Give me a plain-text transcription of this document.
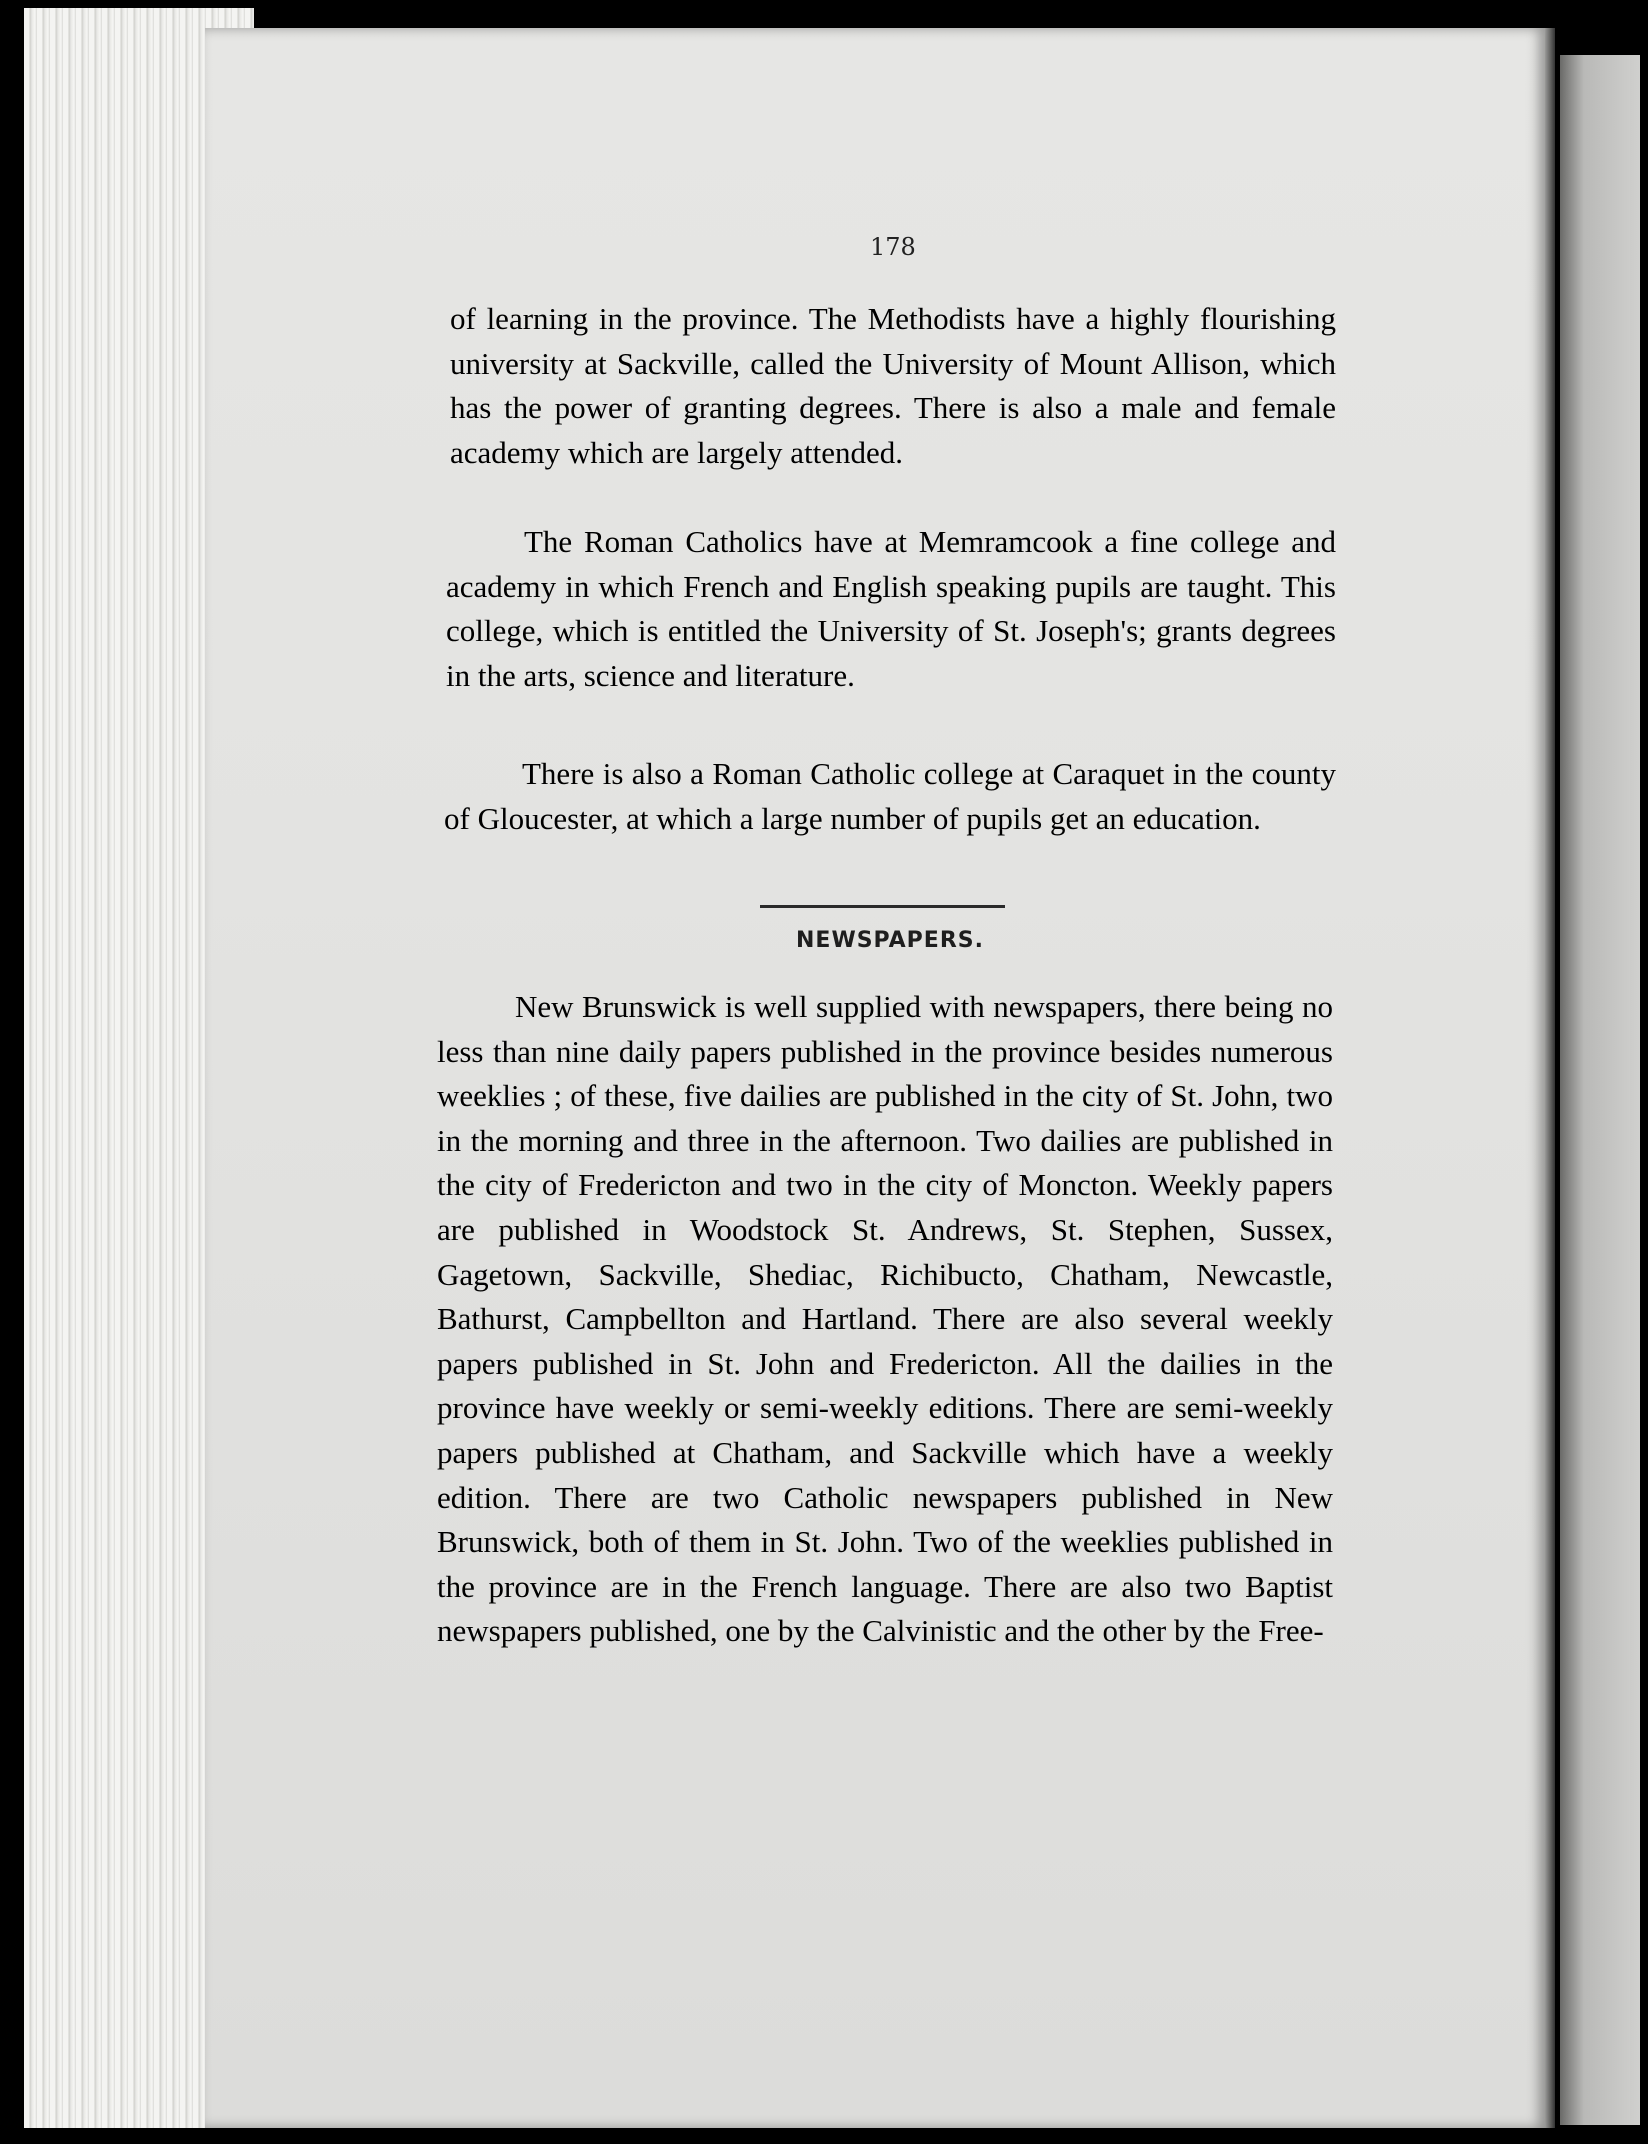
178

of learning in the province. The Methodists have a highly flourishing university at Sackville, called the University of Mount Allison, which has the power of granting degrees. There is also a male and female academy which are largely attended.

The Roman Catholics have at Memramcook a fine college and academy in which French and English speaking pupils are taught. This college, which is entitled the University of St. Joseph's; grants degrees in the arts, science and literature.

There is also a Roman Catholic college at Caraquet in the county of Gloucester, at which a large number of pupils get an education.

NEWSPAPERS.

New Brunswick is well supplied with newspapers, there being no less than nine daily papers published in the province besides numerous weeklies ; of these, five dailies are published in the city of St. John, two in the morning and three in the afternoon. Two dailies are published in the city of Fredericton and two in the city of Moncton. Weekly papers are published in Woodstock St. Andrews, St. Stephen, Sussex, Gagetown, Sackville, Shediac, Richibucto, Chatham, Newcastle, Bathurst, Campbellton and Hartland. There are also several weekly papers published in St. John and Fredericton. All the dailies in the province have weekly or semi-weekly editions. There are semi-weekly papers published at Chatham, and Sackville which have a weekly edition. There are two Catholic newspapers published in New Brunswick, both of them in St. John. Two of the weeklies published in the province are in the French language. There are also two Baptist newspapers published, one by the Calvinistic and the other by the Free-
